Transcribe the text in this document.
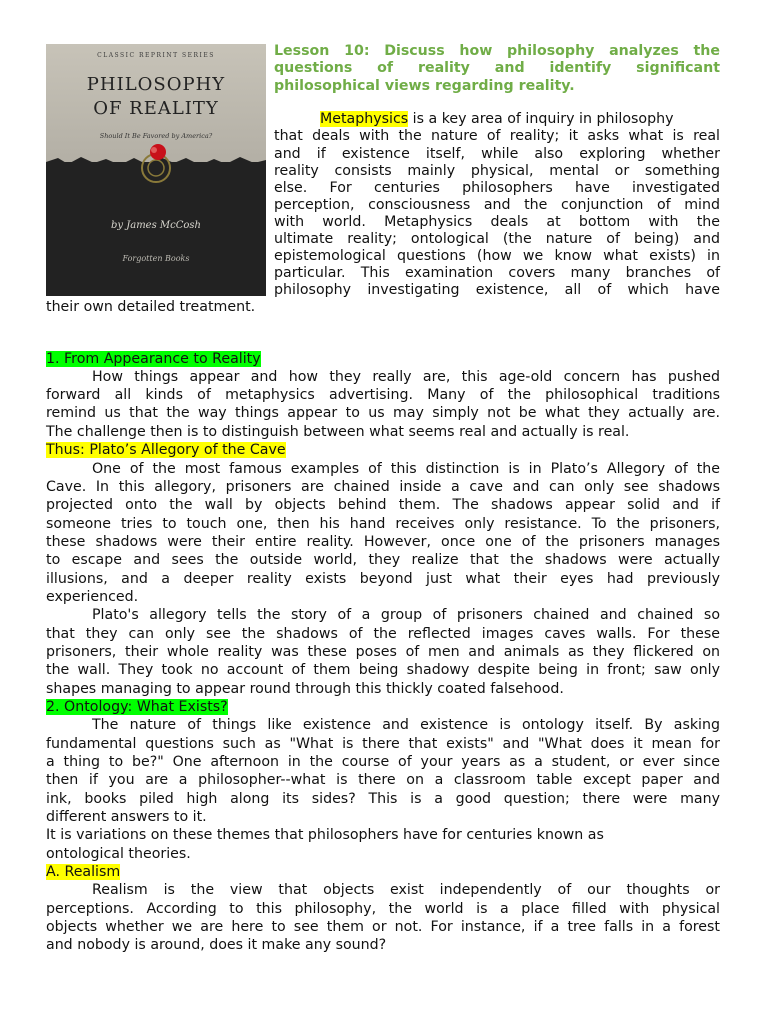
CLASSIC REPRINT SERIES
PHILOSOPHY
OF REALITY
Should It Be Favored by America?
by James McCosh
Forgotten Books

Lesson 10: Discuss how philosophy analyzes the questions of reality and identify significant philosophical views regarding reality.

Metaphysics is a key area of inquiry in philosophy
that deals with the nature of reality; it asks what is real
and if existence itself, while also exploring whether
reality consists mainly physical, mental or something
else. For centuries philosophers have investigated
perception, consciousness and the conjunction of mind
with world. Metaphysics deals at bottom with the
ultimate reality; ontological (the nature of being) and
epistemological questions (how we know what exists) in
particular. This examination covers many branches of
philosophy investigating existence, all of which have
their own detailed treatment.
1. From Appearance to Reality
How things appear and how they really are, this age-old concern has pushed
forward all kinds of metaphysics advertising. Many of the philosophical traditions
remind us that the way things appear to us may simply not be what they actually are.
The challenge then is to distinguish between what seems real and actually is real.
Thus: Plato’s Allegory of the Cave
One of the most famous examples of this distinction is in Plato’s Allegory of the
Cave. In this allegory, prisoners are chained inside a cave and can only see shadows
projected onto the wall by objects behind them. The shadows appear solid and if
someone tries to touch one, then his hand receives only resistance. To the prisoners,
these shadows were their entire reality. However, once one of the prisoners manages
to escape and sees the outside world, they realize that the shadows were actually
illusions, and a deeper reality exists beyond just what their eyes had previously
experienced.
Plato's allegory tells the story of a group of prisoners chained and chained so
that they can only see the shadows of the reflected images caves walls. For these
prisoners, their whole reality was these poses of men and animals as they flickered on
the wall. They took no account of them being shadowy despite being in front; saw only
shapes managing to appear round through this thickly coated falsehood.
2. Ontology: What Exists?
The nature of things like existence and existence is ontology itself. By asking
fundamental questions such as "What is there that exists" and "What does it mean for
a thing to be?" One afternoon in the course of your years as a student, or ever since
then if you are a philosopher--what is there on a classroom table except paper and
ink, books piled high along its sides? This is a good question; there were many
different answers to it.
It is variations on these themes that philosophers have for centuries known as
ontological theories.
A. Realism
Realism is the view that objects exist independently of our thoughts or
perceptions. According to this philosophy, the world is a place filled with physical
objects whether we are here to see them or not. For instance, if a tree falls in a forest
and nobody is around, does it make any sound?
